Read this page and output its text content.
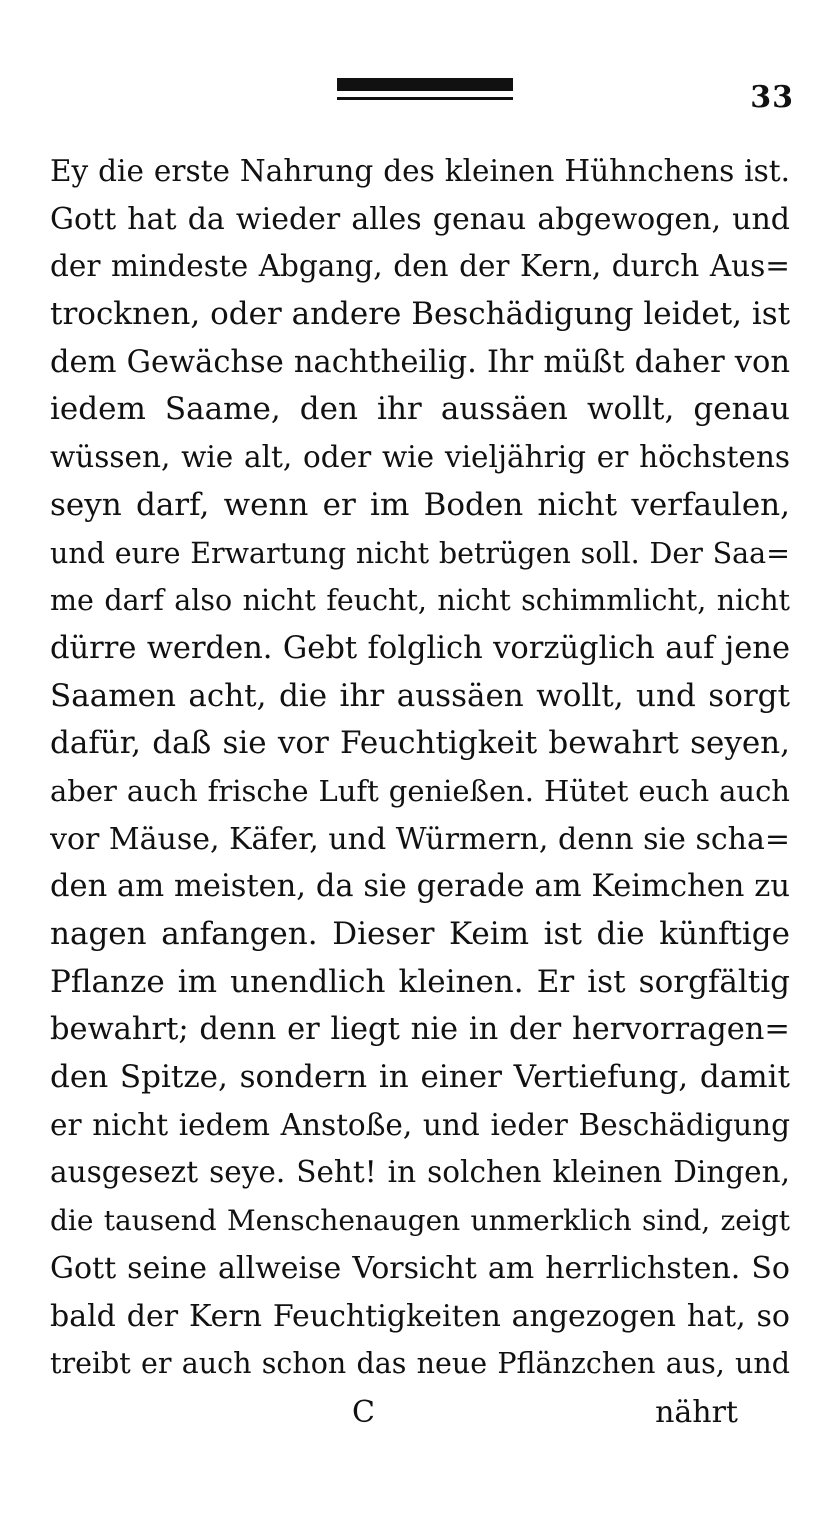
33
Ey die erste Nahrung des kleinen Hühnchens ist.
Gott hat da wieder alles genau abgewogen, und
der mindeste Abgang, den der Kern, durch Aus=
trocknen, oder andere Beschädigung leidet, ist
dem Gewächse nachtheilig. Ihr müßt daher von
iedem Saame, den ihr aussäen wollt, genau
wüssen, wie alt, oder wie vieljährig er höchstens
seyn darf, wenn er im Boden nicht verfaulen,
und eure Erwartung nicht betrügen soll. Der Saa=
me darf also nicht feucht, nicht schimmlicht, nicht
dürre werden. Gebt folglich vorzüglich auf jene
Saamen acht, die ihr aussäen wollt, und sorgt
dafür, daß sie vor Feuchtigkeit bewahrt seyen,
aber auch frische Luft genießen. Hütet euch auch
vor Mäuse, Käfer, und Würmern, denn sie scha=
den am meisten, da sie gerade am Keimchen zu
nagen anfangen. Dieser Keim ist die künftige
Pflanze im unendlich kleinen. Er ist sorgfältig
bewahrt; denn er liegt nie in der hervorragen=
den Spitze, sondern in einer Vertiefung, damit
er nicht iedem Anstoße, und ieder Beschädigung
ausgesezt seye. Seht! in solchen kleinen Dingen,
die tausend Menschenaugen unmerklich sind, zeigt
Gott seine allweise Vorsicht am herrlichsten. So
bald der Kern Feuchtigkeiten angezogen hat, so
treibt er auch schon das neue Pflänzchen aus, und
C	nährt
